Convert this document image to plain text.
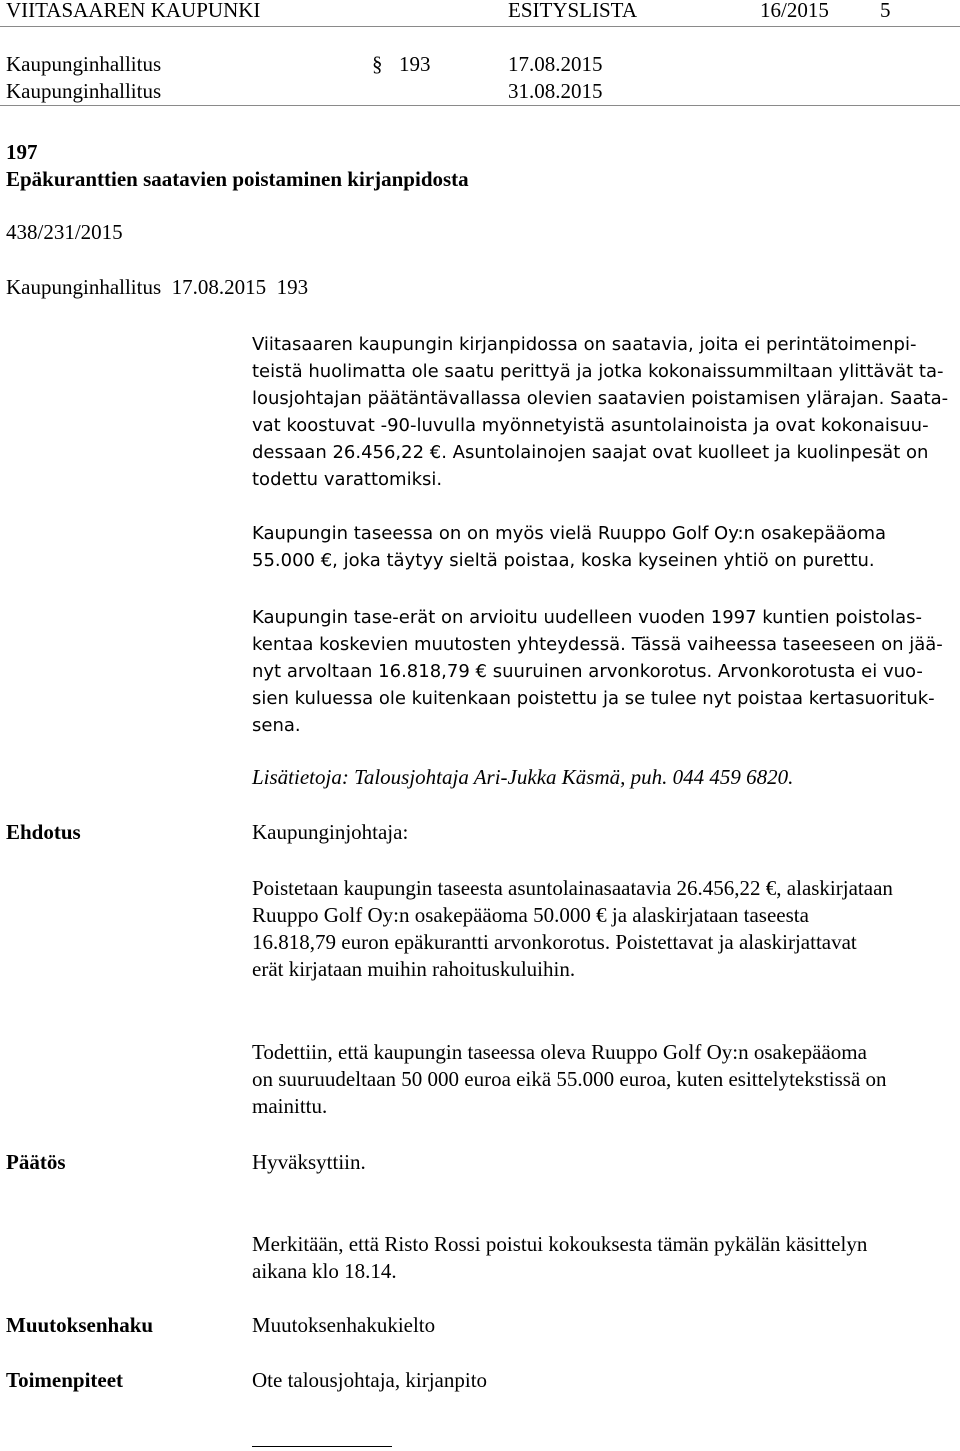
VIITASAAREN KAUPUNKI	ESITYSLISTA	16/2015 5
Kaupunginhallitus	§ 193	17.08.2015
Kaupunginhallitus	31.08.2015
197
Epäkuranttien saatavien poistaminen kirjanpidosta
438/231/2015
Kaupunginhallitus  17.08.2015  193
Viitasaaren kaupungin kirjanpidossa on saatavia, joita ei perintätoimenpi-
teistä huolimatta ole saatu perittyä ja jotka kokonaissummiltaan ylittävät ta-
lousjohtajan päätäntävallassa olevien saatavien poistamisen ylärajan. Saata-
vat koostuvat -90-luvulla myönnetyistä asuntolainoista ja ovat kokonaisuu-
dessaan 26.456,22 €. Asuntolainojen saajat ovat kuolleet ja kuolinpesät on
todettu varattomiksi.
Kaupungin taseessa on on myös vielä Ruuppo Golf Oy:n osakepääoma
55.000 €, joka täytyy sieltä poistaa, koska kyseinen yhtiö on purettu.
Kaupungin tase-erät on arvioitu uudelleen vuoden 1997 kuntien poistolas-
kentaa koskevien muutosten yhteydessä. Tässä vaiheessa taseeseen on jää-
nyt arvoltaan 16.818,79 € suuruinen arvonkorotus. Arvonkorotusta ei vuo-
sien kuluessa ole kuitenkaan poistettu ja se tulee nyt poistaa kertasuorituk-
sena.
Lisätietoja: Talousjohtaja Ari-Jukka Käsmä, puh. 044 459 6820.
Ehdotus	Kaupunginjohtaja:
Poistetaan kaupungin taseesta asuntolainasaatavia 26.456,22 €, alaskirjataan
Ruuppo Golf Oy:n osakepääoma 50.000 € ja alaskirjataan taseesta
16.818,79 euron epäkurantti arvonkorotus. Poistettavat ja alaskirjattavat
erät kirjataan muihin rahoituskuluihin.
Todettiin, että kaupungin taseessa oleva Ruuppo Golf Oy:n osakepääoma
on suuruudeltaan 50 000 euroa eikä 55.000 euroa, kuten esittelytekstissä on
mainittu.
Päätös	Hyväksyttiin.
Merkitään, että Risto Rossi poistui kokouksesta tämän pykälän käsittelyn
aikana klo 18.14.
Muutoksenhaku	Muutoksenhakukielto
Toimenpiteet	Ote talousjohtaja, kirjanpito
